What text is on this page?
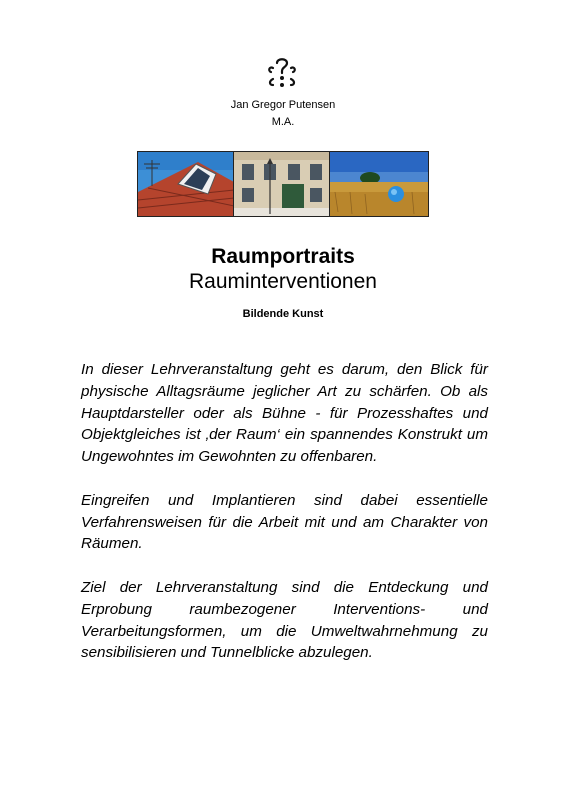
Jan Gregor Putensen
M.A.
Raumportraits
Rauminterventionen
Bildende Kunst

In dieser Lehrveranstaltung geht es darum, den Blick für physische Alltagsräume jeglicher Art zu schärfen. Ob als Hauptdarsteller oder als Bühne - für Prozesshaftes und Objektgleiches ist ‚der Raum‘ ein spannendes Konstrukt um Ungewohntes im Gewohnten zu offenbaren.

Eingreifen und Implantieren sind dabei essentielle Verfahrensweisen für die Arbeit mit und am Charakter von Räumen.

Ziel der Lehrveranstaltung sind die Entdeckung und Erprobung raumbezogener Interventions- und Verarbeitungsformen, um die Umweltwahrnehmung zu sensibilisieren und Tunnelblicke abzulegen.
